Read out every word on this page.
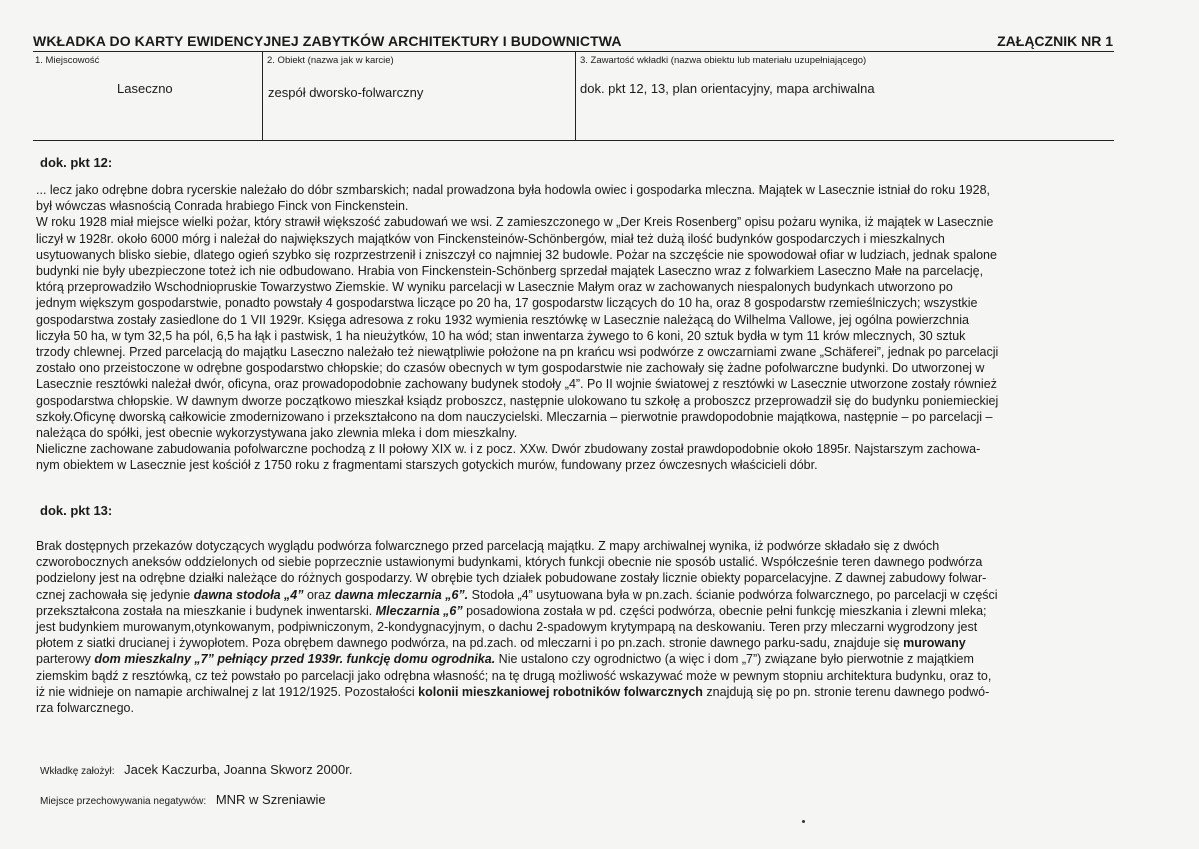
WKŁADKA DO KARTY EWIDENCYJNEJ ZABYTKÓW ARCHITEKTURY I BUDOWNICTWA	ZAŁĄCZNIK NR 1
1. Miejscowość
Laseczno
2. Obiekt (nazwa jak w karcie)
zespół dworsko-folwarczny
3. Zawartość wkładki (nazwa obiektu lub materiału uzupełniającego)
dok. pkt 12, 13, plan orientacyjny, mapa archiwalna
dok. pkt 12:

... lecz jako odrębne dobra rycerskie należało do dóbr szmbarskich; nadal prowadzona była hodowla owiec i gospodarka mleczna. Majątek w Lasecznie istniał do roku 1928,

był wówczas własnością Conrada hrabiego Finck von Finckenstein.

W roku 1928 miał miejsce wielki pożar, który strawił większość zabudowań we wsi. Z zamieszczonego w „Der Kreis Rosenberg” opisu pożaru wynika, iż majątek w Lasecznie

liczył w 1928r. około 6000 mórg i należał do największych majątków von Finckensteinów-Schönbergów, miał też dużą ilość budynków gospodarczych i mieszkalnych

usytuowanych blisko siebie, dlatego ogień szybko się rozprzestrzenił i zniszczył co najmniej 32 budowle. Pożar na szczęście nie spowodował ofiar w ludziach, jednak spalone

budynki nie były ubezpieczone toteż ich nie odbudowano. Hrabia von Finckenstein-Schönberg sprzedał majątek Laseczno wraz z folwarkiem Laseczno Małe na parcelację,

którą przeprowadziło Wschodniopruskie Towarzystwo Ziemskie. W wyniku parcelacji w Lasecznie Małym oraz w zachowanych niespalonych budynkach utworzono po

jednym większym gospodarstwie, ponadto powstały 4 gospodarstwa liczące po 20 ha, 17 gospodarstw liczących do 10 ha, oraz 8 gospodarstw rzemieślniczych; wszystkie

gospodarstwa zostały zasiedlone do 1 VII 1929r. Księga adresowa z roku 1932 wymienia resztówkę w Lasecznie należącą do Wilhelma Vallowe, jej ogólna powierzchnia

liczyła 50 ha, w tym 32,5 ha pól, 6,5 ha łąk i pastwisk, 1 ha nieużytków, 10 ha wód; stan inwentarza żywego to 6 koni, 20 sztuk bydła w tym 11 krów mlecznych, 30 sztuk

trzody chlewnej. Przed parcelacją do majątku Laseczno należało też niewątpliwie położone na pn krańcu wsi podwórze z owczarniami zwane „Schäferei”, jednak po parcelacji

zostało ono przeistoczone w odrębne gospodarstwo chłopskie; do czasów obecnych w tym gospodarstwie nie zachowały się żadne pofolwarczne budynki. Do utworzonej w

Lasecznie resztówki należał dwór, oficyna, oraz prowadopodobnie zachowany budynek stodoły „4”. Po II wojnie światowej z resztówki w Lasecznie utworzone zostały również

gospodarstwa chłopskie. W dawnym dworze początkowo mieszkał ksiądz proboszcz, następnie ulokowano tu szkołę a proboszcz przeprowadził się do budynku poniemieckiej

szkoły.Oficynę dworską całkowicie zmodernizowano i przekształcono na dom nauczycielski. Mleczarnia – pierwotnie prawdopodobnie majątkowa, następnie – po parcelacji –

należąca do spółki, jest obecnie wykorzystywana jako zlewnia mleka i dom mieszkalny.

Nieliczne zachowane zabudowania pofolwarczne pochodzą z II połowy XIX w. i z pocz. XXw. Dwór zbudowany został prawdopodobnie około 1895r. Najstarszym zachowa-

nym obiektem w Lasecznie jest kościół z 1750 roku z fragmentami starszych gotyckich murów, fundowany przez ówczesnych właścicieli dóbr.

dok. pkt 13:

Brak dostępnych przekazów dotyczących wyglądu podwórza folwarcznego przed parcelacją majątku. Z mapy archiwalnej wynika, iż podwórze składało się z dwóch

czworobocznych aneksów oddzielonych od siebie poprzecznie ustawionymi budynkami, których funkcji obecnie nie sposób ustalić. Współcześnie teren dawnego podwórza

podzielony jest na odrębne działki należące do różnych gospodarzy. W obrębie tych działek pobudowane zostały licznie obiekty poparcelacyjne. Z dawnej zabudowy folwar-

cznej zachowała się jedynie dawna stodoła „4” oraz dawna mleczarnia „6”. Stodoła „4” usytuowana była w pn.zach. ścianie podwórza folwarcznego, po parcelacji w części

przekształcona została na mieszkanie i budynek inwentarski. Mleczarnia „6” posadowiona została w pd. części podwórza, obecnie pełni funkcję mieszkania i zlewni mleka;

jest budynkiem murowanym,otynkowanym, podpiwniczonym, 2-kondygnacyjnym, o dachu 2-spadowym krytympapą na deskowaniu. Teren przy mleczarni wygrodzony jest

płotem z siatki drucianej i żywopłotem. Poza obrębem dawnego podwórza, na pd.zach. od mleczarni i po pn.zach. stronie dawnego parku-sadu, znajduje się murowany

parterowy dom mieszkalny „7” pełniący przed 1939r. funkcję domu ogrodnika. Nie ustalono czy ogrodnictwo (a więc i dom „7”) związane było pierwotnie z majątkiem

ziemskim bądź z resztówką, cz też powstało po parcelacji jako odrębna własność; na tę drugą możliwość wskazywać może w pewnym stopniu architektura budynku, oraz to,

iż nie widnieje on namapie archiwalnej z lat 1912/1925. Pozostałości kolonii mieszkaniowej robotników folwarcznych znajdują się po pn. stronie terenu dawnego podwó-

rza folwarcznego.

Wkładkę założył: Jacek Kaczurba, Joanna Skworz 2000r.
Miejsce przechowywania negatywów: MNR w Szreniawie
